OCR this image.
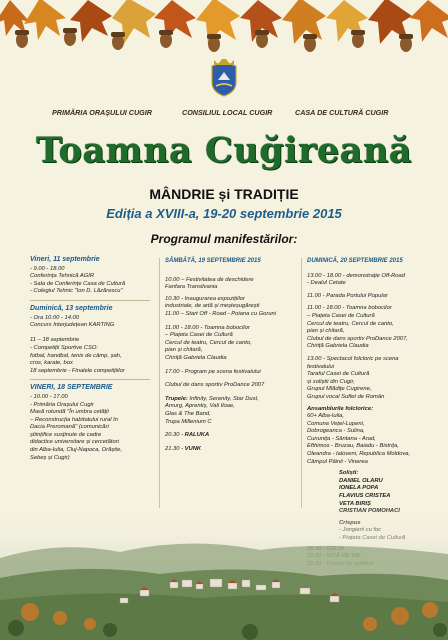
PRIMĂRIA ORAȘULUI CUGIR	CONSILIUL LOCAL CUGIR	CASA DE CULTURĂ CUGIR
Toamna Cuğireană
MÂNDRIE și TRADIȚIE
Ediția a XVIII-a, 19-20 septembrie 2015
Programul manifestărilor:
Vineri, 11 septembrie

- 9.00 - 18.00
Conferința Tehnică AGIR
- Sala de Conferințe Casa de Cultură
- Colegiul Tehnic "Ion D. Lăzărescu"

Duminică, 13 septembrie

- Ora 10.00 - 14.00
Concurs Interjudețean KARTING

11 – 18 septembrie
- Competiții Sportive CSO:
fotbal, handbal, tenis de câmp, șah,
cros, karate, box
18 septembrie - Finalele competițiilor

VINERI, 18 SEPTEMBRIE

- 10.00 - 17.00
- Primăria Orașului Cugir
Masă rotundă "În umbra cetății
– Reconstrucția habitatului rural în
Dacia Preromană" (comunicări
științifice susținute de cadre
didactice universitare și cercetători
din Alba-Iulia, Cluj-Napoca, Orăștie,
Sebeș și Cugir)

SÂMBĂTĂ, 19 SEPTEMBRIE 2015

10.00 – Festivitatea de deschidere
Fanfara Transilvania

10.30 - Inaugurarea expozițiilor
industriale, de artă și meșteșugărești

11.00 – Start Off - Road - Poiana cu Goruni

11.00 - 18.00 - Toamna bobocilor
– Piațeta Casei de Cultură
Cercul de teatru, Cercul de canto,
pian și chitară,
Chiriță Gabriela Claudia

17.00 - Program pe scena festivalului

Clubul de dans sportiv ProDance 2007

Trupele: Infinity, Serenity, Star Dust,
Amurg, Aprentiș, Vali Iloae,
Glas & The Band,
Trupa Millenium C

20.30 - RALUKA
21.30 - VUNK
DUMINICĂ, 20 SEPTEMBRIE 2015

13.00 - 18.00 - demonstrație Off-Road
- Dealul Cetate

11.00 - Parada Portului Popular

11.00 - 18.00 - Toamna bobocilor
– Piațeta Casei de Cultură
Cercul de teatru, Cercul de canto,
pian și chitară,
Clubul de dans sportiv ProDance 2007,
Chiriță Gabriela Claudia

13.00 - Spectacol folcloric pe scena
festivalului
Taraful Casei de Cultură
și soliștii din Cugir,
Grupul Mlădițe Cugirene,
Grupul vocal Suflet de Român

Ansamblurile folclorice:

60+ Alba-Iulia,
Comuna Vețel-Lupeni,
Dobrogeanca - Sulina,
Cununița - Sântana - Arad,
Efthimos - Bruzau, Baiadu - Bistrița,
Oleandra - Ialoveni, Republica Moldova,
Câmpul Pâinii - Vinerea

Soliști:

DANIEL OLARU
IONELA POPA
FLAVIUS CRISTEA
